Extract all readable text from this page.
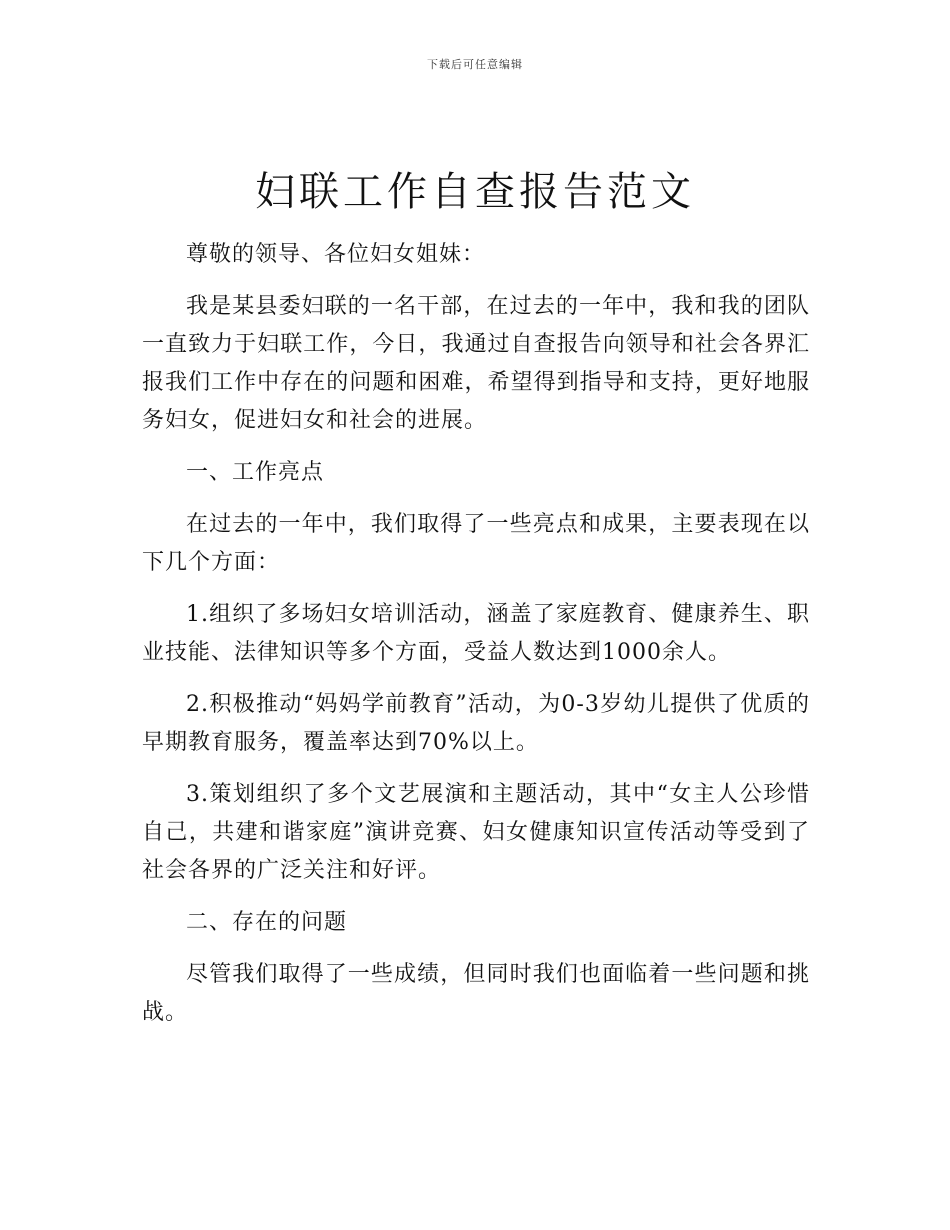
下载后可任意编辑
妇联工作自查报告范文

尊敬的领导、各位妇女姐妹：

我是某县委妇联的一名干部，在过去的一年中，我和我的团队一直致力于妇联工作，今日，我通过自查报告向领导和社会各界汇报我们工作中存在的问题和困难，希望得到指导和支持，更好地服务妇女，促进妇女和社会的进展。

一、工作亮点

在过去的一年中，我们取得了一些亮点和成果，主要表现在以下几个方面：

1.组织了多场妇女培训活动，涵盖了家庭教育、健康养生、职业技能、法律知识等多个方面，受益人数达到1000余人。

2.积极推动“妈妈学前教育”活动，为0-3岁幼儿提供了优质的早期教育服务，覆盖率达到70%以上。

3.策划组织了多个文艺展演和主题活动，其中“女主人公珍惜自己，共建和谐家庭”演讲竞赛、妇女健康知识宣传活动等受到了社会各界的广泛关注和好评。

二、存在的问题

尽管我们取得了一些成绩，但同时我们也面临着一些问题和挑战。
